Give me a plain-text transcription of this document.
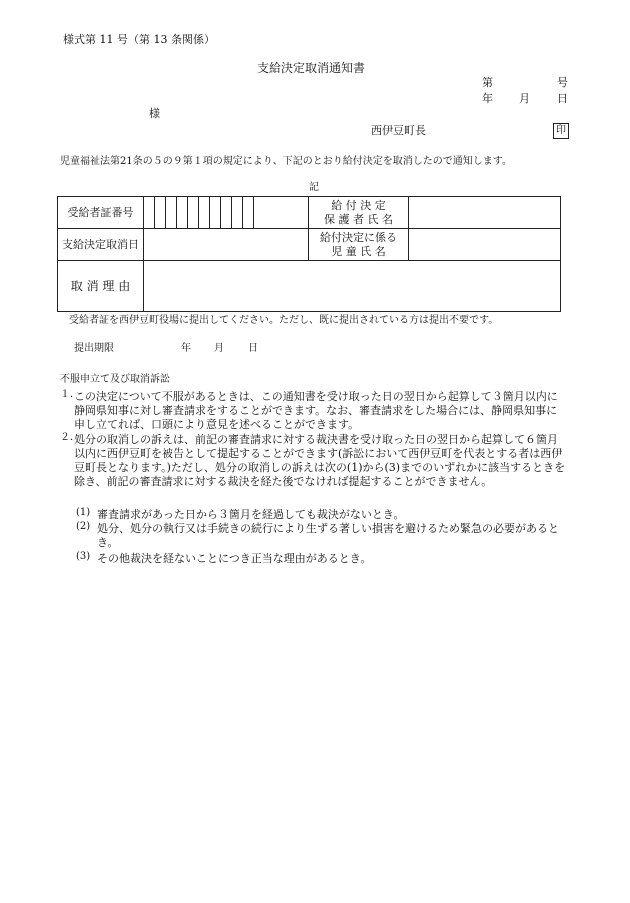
様式第 11 号（第 13 条関係）
支給決定取消通知書
第	号
年 月 日
様
西伊豆町長	印
児童福祉法第21条の５の９第１項の規定により、下記のとおり給付決定を取消したので通知します。
記
受給者証番号												給 付 決 定
保 護 者 氏 名	

支給決定取消日												給付決定に係る
児 童 氏 名	

取 消 理 由													
受給者証を西伊豆町役場に提出してください。ただし、既に提出されている方は提出不要です。
提出期限	年 月 日
不服申立て及び取消訴訟
１．
この決定について不服があるときは、この通知書を受け取った日の翌日から起算して３箇月以内に静岡県知事に対し審査請求をすることができます。なお、審査請求をした場合には、静岡県知事に申し立てれば、口頭により意見を述べることができます。
２．
処分の取消しの訴えは、前記の審査請求に対する裁決書を受け取った日の翌日から起算して６箇月以内に西伊豆町を被告として提起することができます(訴訟において西伊豆町を代表とする者は西伊豆町長となります。)ただし、処分の取消しの訴えは次の(1)から(3)までのいずれかに該当するときを除き、前記の審査請求に対する裁決を経た後でなければ提起することができません。
(1) 審査請求があった日から３箇月を経過しても裁決がないとき。
(2) 処分、処分の執行又は手続きの続行により生ずる著しい損害を避けるため緊急の必要があるとき。
(3) その他裁決を経ないことにつき正当な理由があるとき。
